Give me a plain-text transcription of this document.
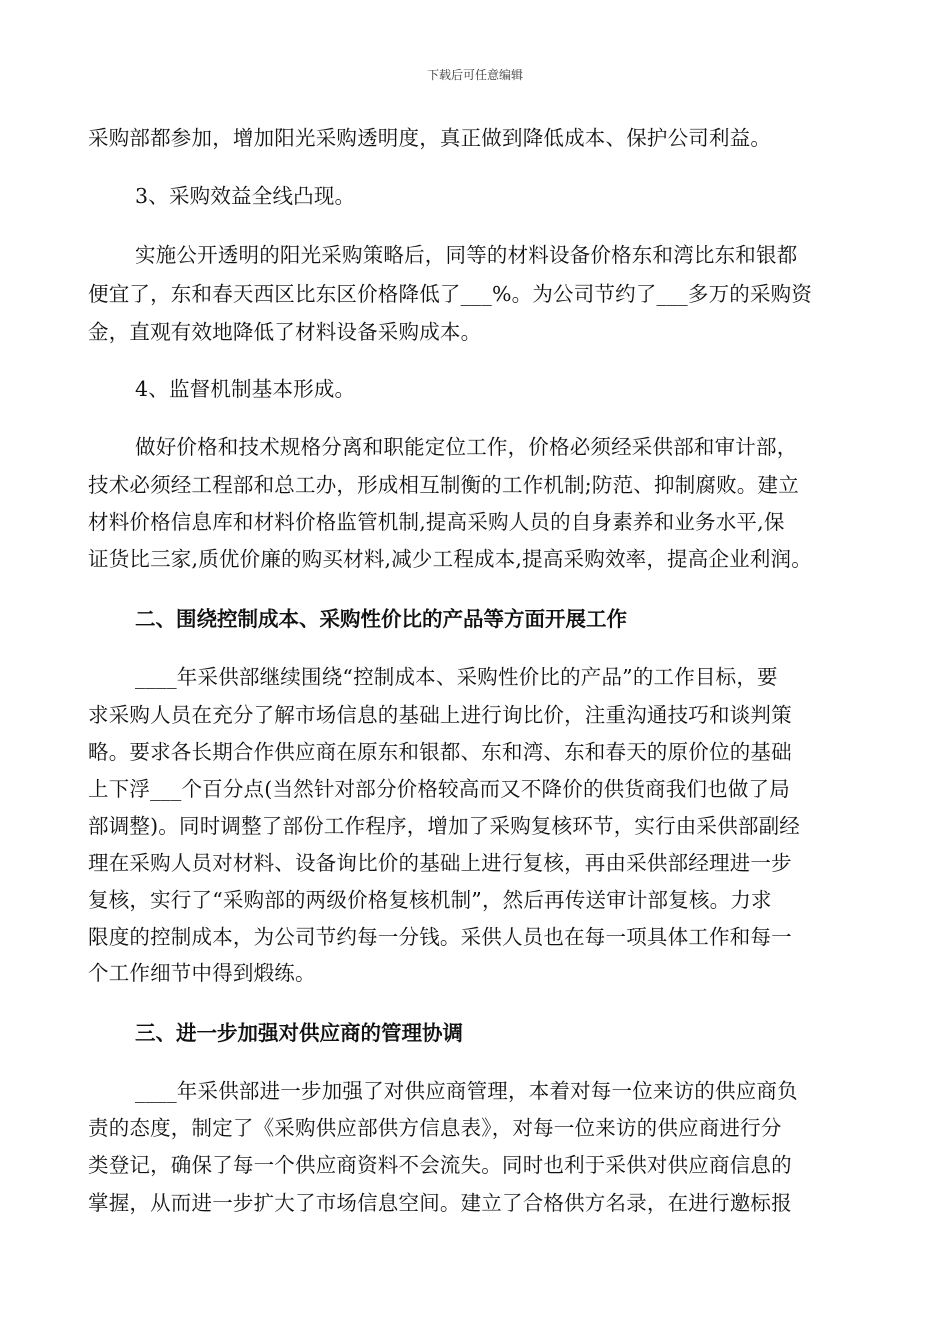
下载后可任意编辑
采购部都参加，增加阳光采购透明度，真正做到降低成本、保护公司利益。
3、采购效益全线凸现。
实施公开透明的阳光采购策略后，同等的材料设备价格东和湾比东和银都
便宜了，东和春天西区比东区价格降低了___%。为公司节约了___多万的采购资
金，直观有效地降低了材料设备采购成本。
4、监督机制基本形成。
做好价格和技术规格分离和职能定位工作，价格必须经采供部和审计部，
技术必须经工程部和总工办，形成相互制衡的工作机制;防范、抑制腐败。建立
材料价格信息库和材料价格监管机制,提高采购人员的自身素养和业务水平,保
证货比三家,质优价廉的购买材料,减少工程成本,提高采购效率，提高企业利润。
二、围绕控制成本、采购性价比的产品等方面开展工作
____年采供部继续围绕“控制成本、采购性价比的产品”的工作目标，要
求采购人员在充分了解市场信息的基础上进行询比价，注重沟通技巧和谈判策
略。要求各长期合作供应商在原东和银都、东和湾、东和春天的原价位的基础
上下浮___个百分点(当然针对部分价格较高而又不降价的供货商我们也做了局
部调整)。同时调整了部份工作程序，增加了采购复核环节，实行由采供部副经
理在采购人员对材料、设备询比价的基础上进行复核，再由采供部经理进一步
复核，实行了“采购部的两级价格复核机制”，然后再传送审计部复核。力求
限度的控制成本，为公司节约每一分钱。采供人员也在每一项具体工作和每一
个工作细节中得到煅练。
三、进一步加强对供应商的管理协调
____年采供部进一步加强了对供应商管理，本着对每一位来访的供应商负
责的态度，制定了《采购供应部供方信息表》，对每一位来访的供应商进行分
类登记，确保了每一个供应商资料不会流失。同时也利于采供对供应商信息的
掌握，从而进一步扩大了市场信息空间。建立了合格供方名录，在进行邀标报
